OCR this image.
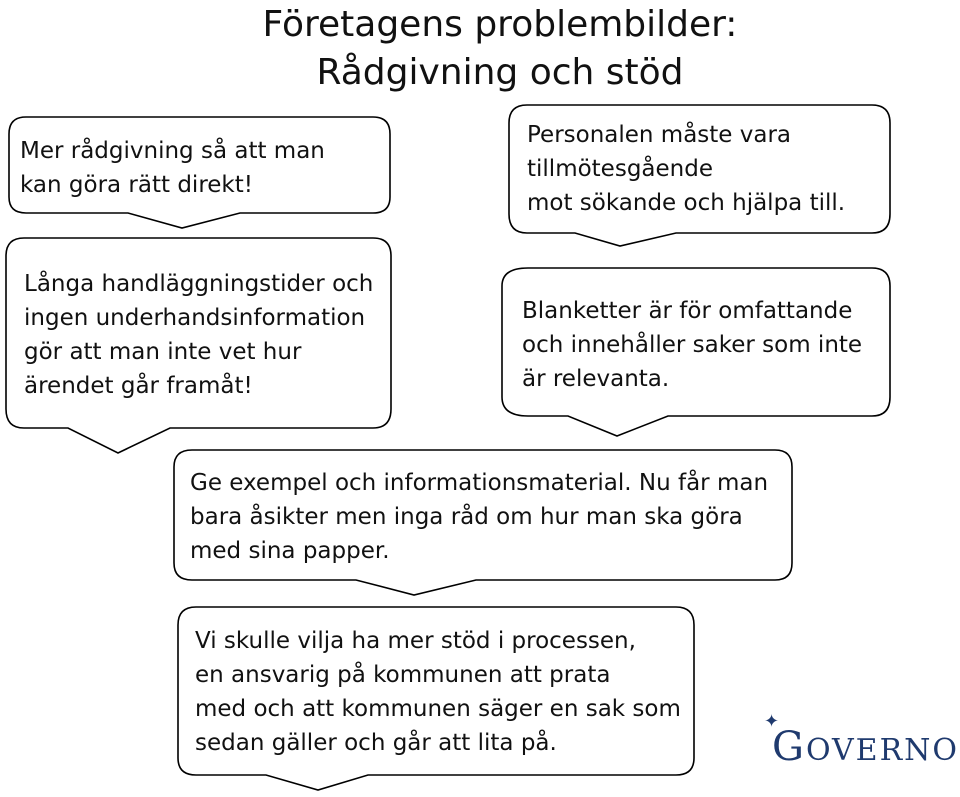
Företagens problembilder:
Rådgivning och stöd
Mer rådgivning så att man
kan göra rätt direkt!
Personalen måste vara
tillmötesgående
mot sökande och hjälpa till.
Långa handläggningstider och
ingen underhandsinformation
gör att man inte vet hur
ärendet går framåt!
Blanketter är för omfattande
och innehåller saker som inte
är relevanta.
Ge exempel och informationsmaterial. Nu får man
bara åsikter men inga råd om hur man ska göra
med sina papper.
Vi skulle vilja ha mer stöd i processen,
en ansvarig på kommunen att prata
med och att kommunen säger en sak som
sedan gäller och går att lita på.
✦
GOVERNO
